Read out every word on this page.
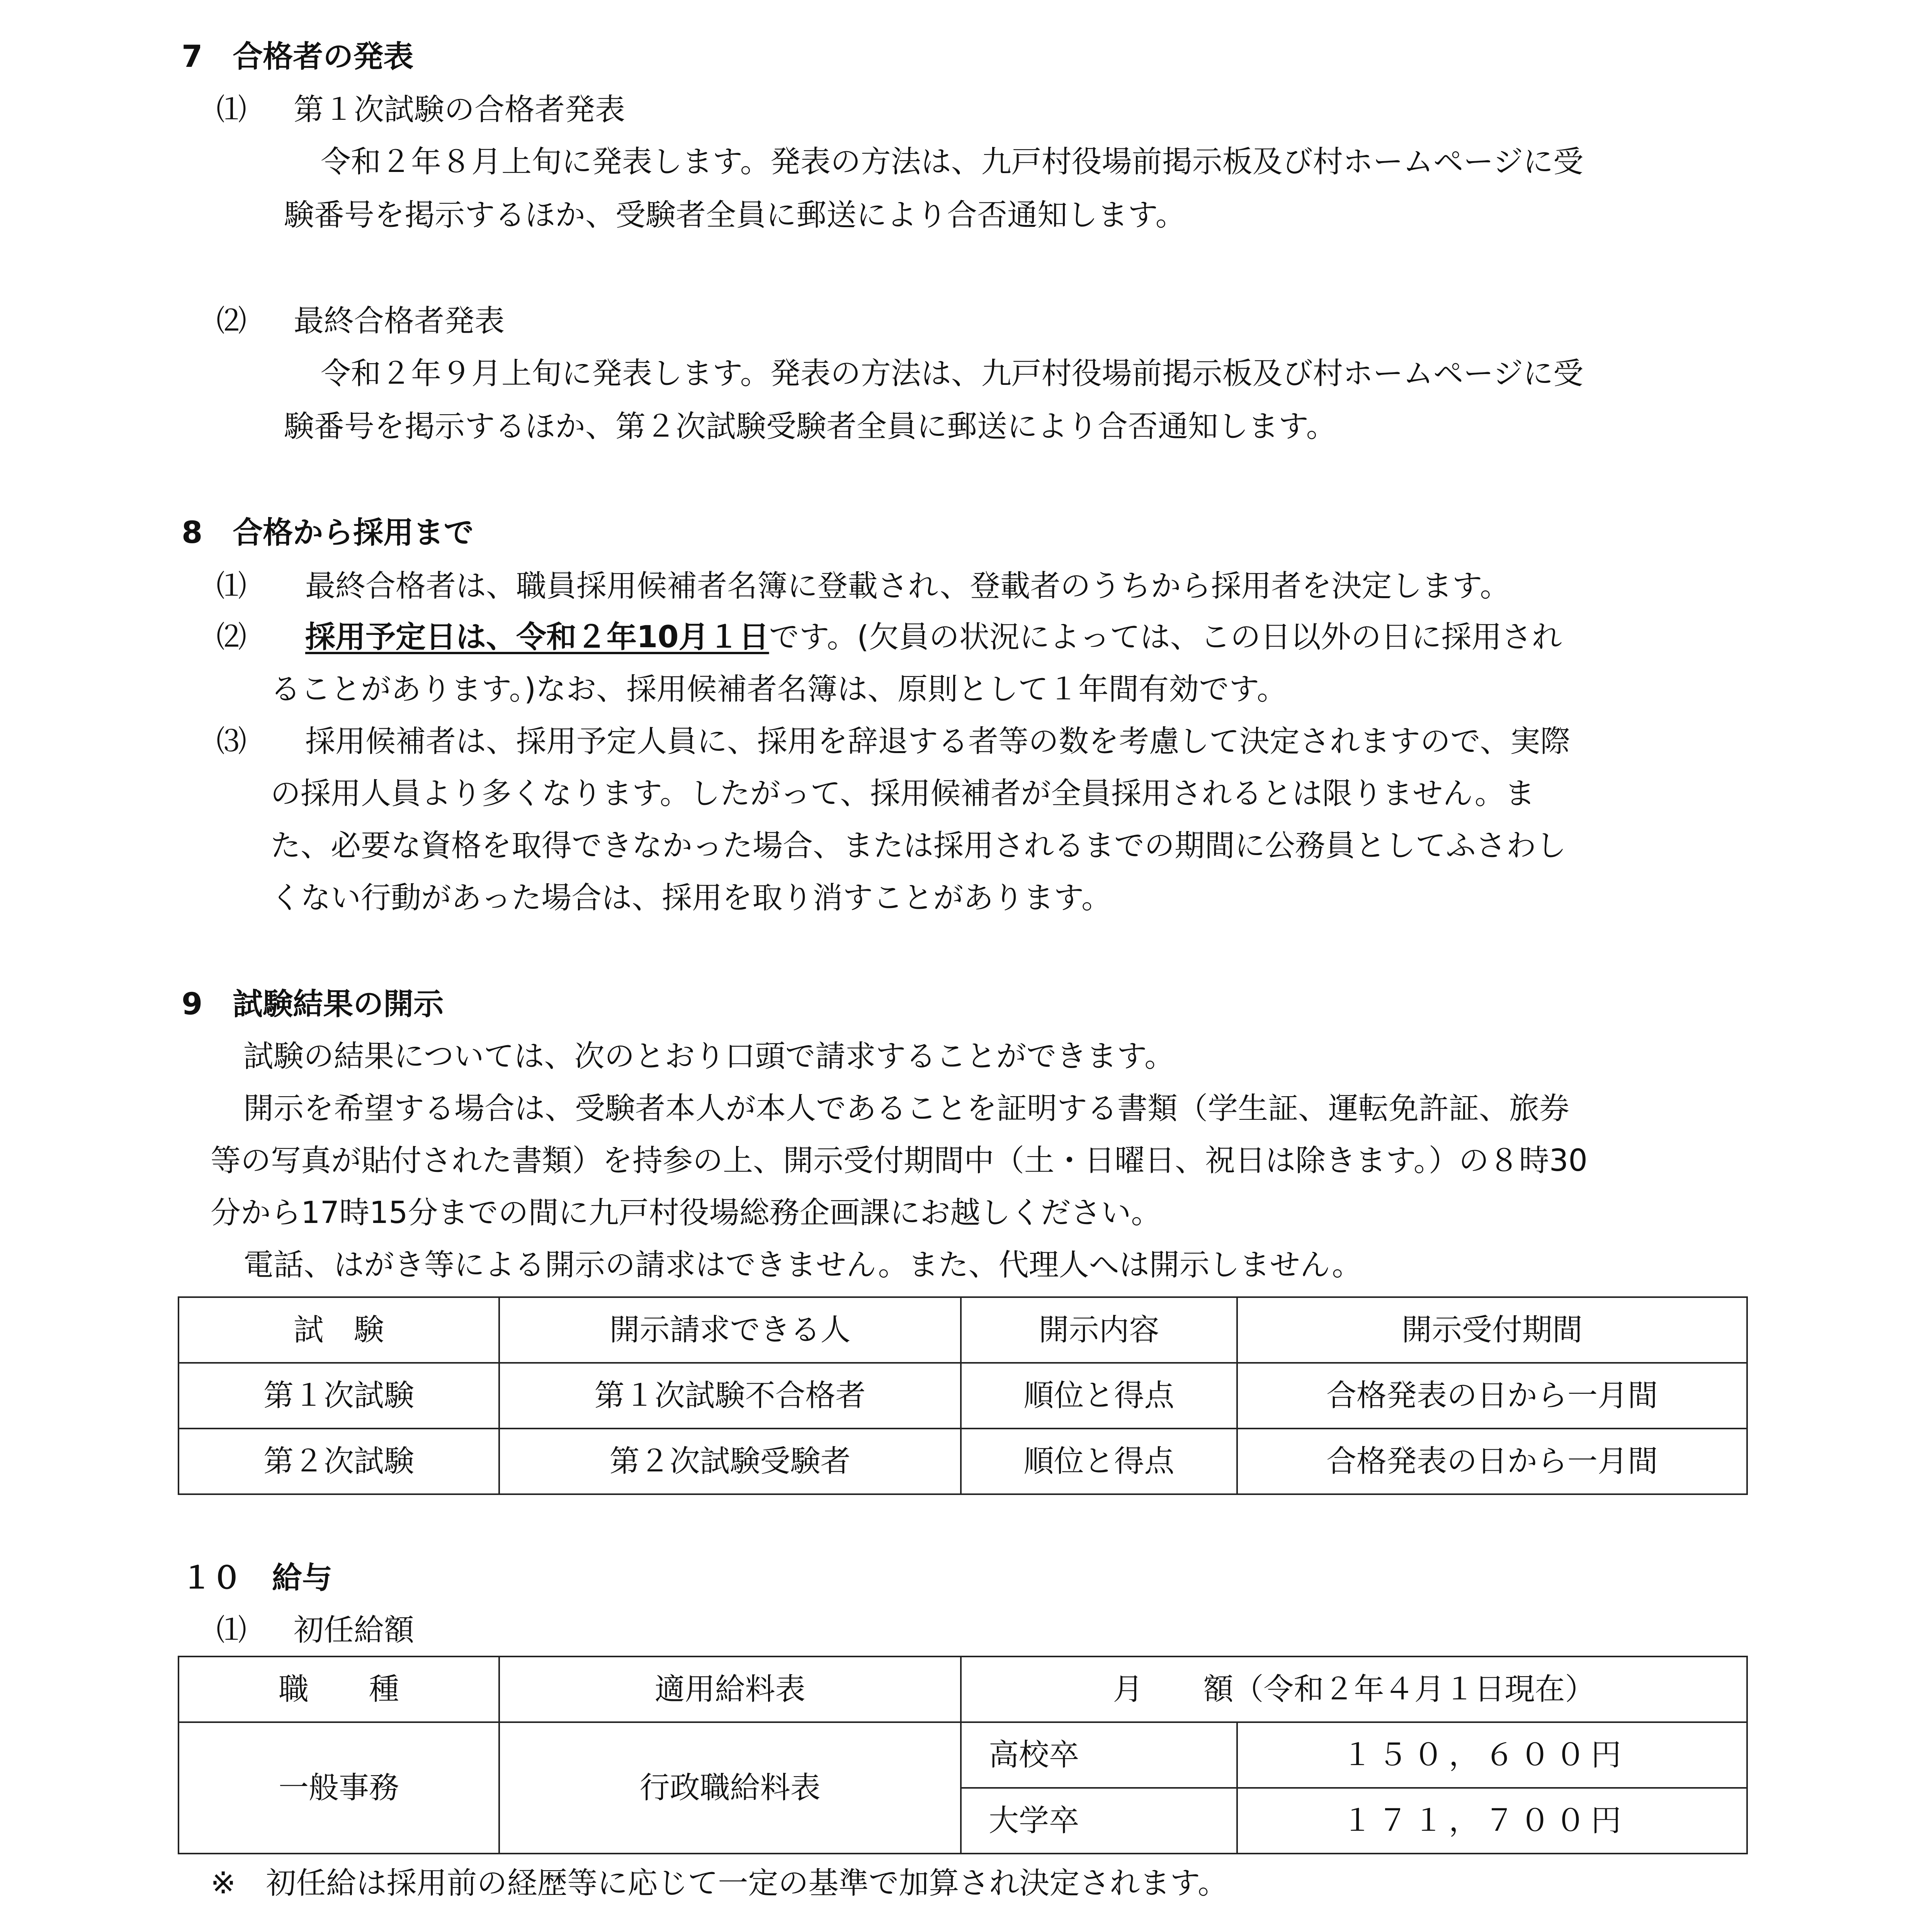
7　合格者の発表
⑴ 第１次試験の合格者発表
令和２年８月上旬に発表します。発表の方法は、九戸村役場前掲示板及び村ホームページに受
験番号を掲示するほか、受験者全員に郵送により合否通知します。
⑵ 最終合格者発表
令和２年９月上旬に発表します。発表の方法は、九戸村役場前掲示板及び村ホームページに受
験番号を掲示するほか、第２次試験受験者全員に郵送により合否通知します。
8　合格から採用まで
⑴ 最終合格者は、職員採用候補者名簿に登載され、登載者のうちから採用者を決定します。
⑵ 採用予定日は、令和２年10月１日です。(欠員の状況によっては、この日以外の日に採用され
ることがあります。)なお、採用候補者名簿は、原則として１年間有効です。
⑶ 採用候補者は、採用予定人員に、採用を辞退する者等の数を考慮して決定されますので、実際
の採用人員より多くなります。したがって、採用候補者が全員採用されるとは限りません。ま
た、必要な資格を取得できなかった場合、または採用されるまでの期間に公務員としてふさわし
くない行動があった場合は、採用を取り消すことがあります。
9　試験結果の開示
試験の結果については、次のとおり口頭で請求することができます。
開示を希望する場合は、受験者本人が本人であることを証明する書類（学生証、運転免許証、旅券
等の写真が貼付された書類）を持参の上、開示受付期間中（土・日曜日、祝日は除きます。）の８時30
分から17時15分までの間に九戸村役場総務企画課にお越しください。
電話、はがき等による開示の請求はできません。また、代理人へは開示しません。
試　験	開示請求できる人	開示内容	開示受付期間
第１次試験	第１次試験不合格者	順位と得点	合格発表の日から一月間
第２次試験	第２次試験受験者	順位と得点	合格発表の日から一月間
１０　給与
⑴ 初任給額
職　　種	適用給料表	月　　額（令和２年４月１日現在）	
一般事務	行政職給料表	高校卒	１５０，６００円
		大学卒	１７１，７００円
※　初任給は採用前の経歴等に応じて一定の基準で加算され決定されます。
